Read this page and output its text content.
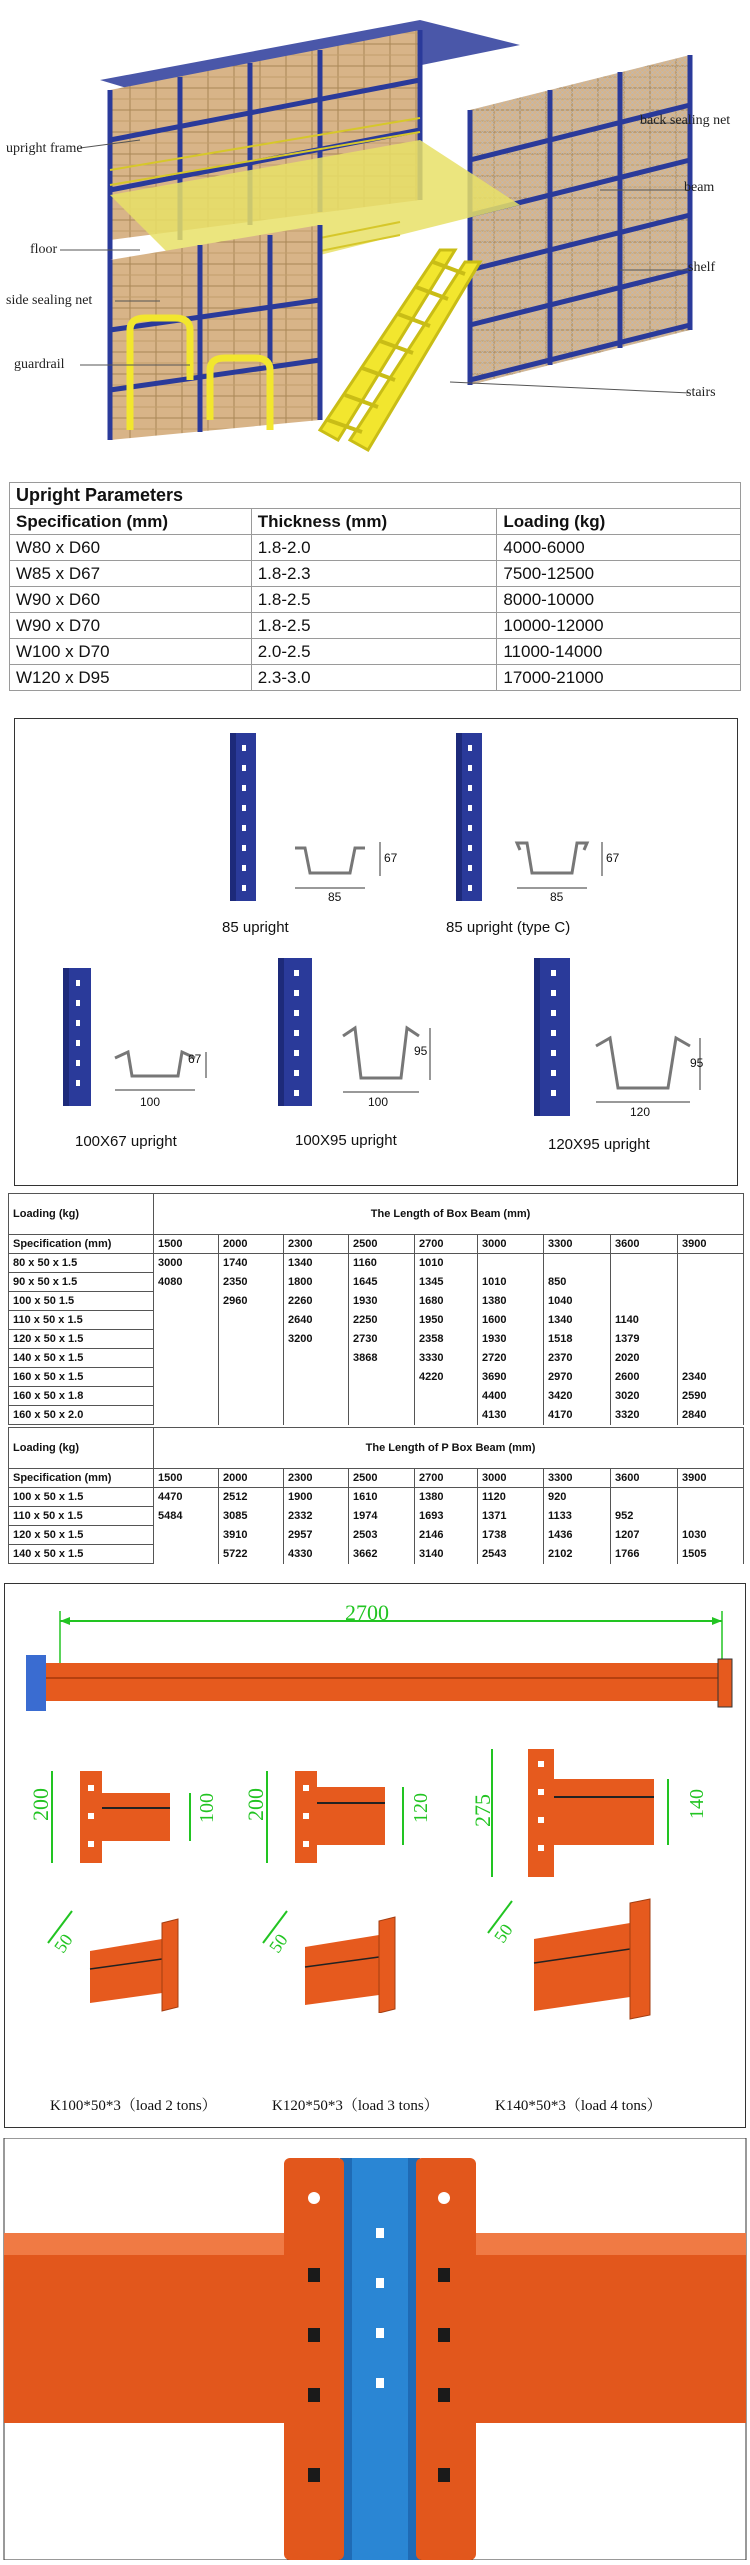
upright frame
floor
side sealing net
guardrail
back sealing net
beam
shelf
stairs
Upright Parameters		
Specification (mm)	Thickness (mm)	Loading (kg)
W80 x D60	1.8-2.0	4000-6000
W85 x D67	1.8-2.3	7500-12500
W90 x D60	1.8-2.5	8000-10000
W90 x D70	1.8-2.5	10000-12000
W100 x D70	2.0-2.5	11000-14000
W120 x D95	2.3-3.0	17000-21000
67
85
85 upright
67
85
85 upright (type C)
67
100
100X67 upright
95
100
100X95 upright
95
120
120X95 upright
Loading (kg)	The Length of Box Beam (mm)								
Specification (mm)	1500	2000	2300	2500	2700	3000	3300	3600	3900
80 x 50 x 1.5	3000	1740	1340	1160	1010				
90 x 50 x 1.5	4080	2350	1800	1645	1345	1010	850		
100 x 50 1.5		2960	2260	1930	1680	1380	1040		
110 x 50 x 1.5			2640	2250	1950	1600	1340	1140	
120 x 50 x 1.5			3200	2730	2358	1930	1518	1379	
140 x 50 x 1.5				3868	3330	2720	2370	2020	
160 x 50 x 1.5					4220	3690	2970	2600	2340
160 x 50 x 1.8						4400	3420	3020	2590
160 x 50 x 2.0						4130	4170	3320	2840
Loading (kg)	The Length of P Box Beam (mm)								
Specification (mm)	1500	2000	2300	2500	2700	3000	3300	3600	3900
100 x 50 x 1.5	4470	2512	1900	1610	1380	1120	920		
110 x 50 x 1.5	5484	3085	2332	1974	1693	1371	1133	952	
120 x 50 x 1.5		3910	2957	2503	2146	1738	1436	1207	1030
140 x 50 x 1.5		5722	4330	3662	3140	2543	2102	1766	1505
2700
200	100 200	120 275	140
50	50	50
K100*50*3（load 2 tons）	K120*50*3（load 3 tons）	K140*50*3（load 4 tons）
